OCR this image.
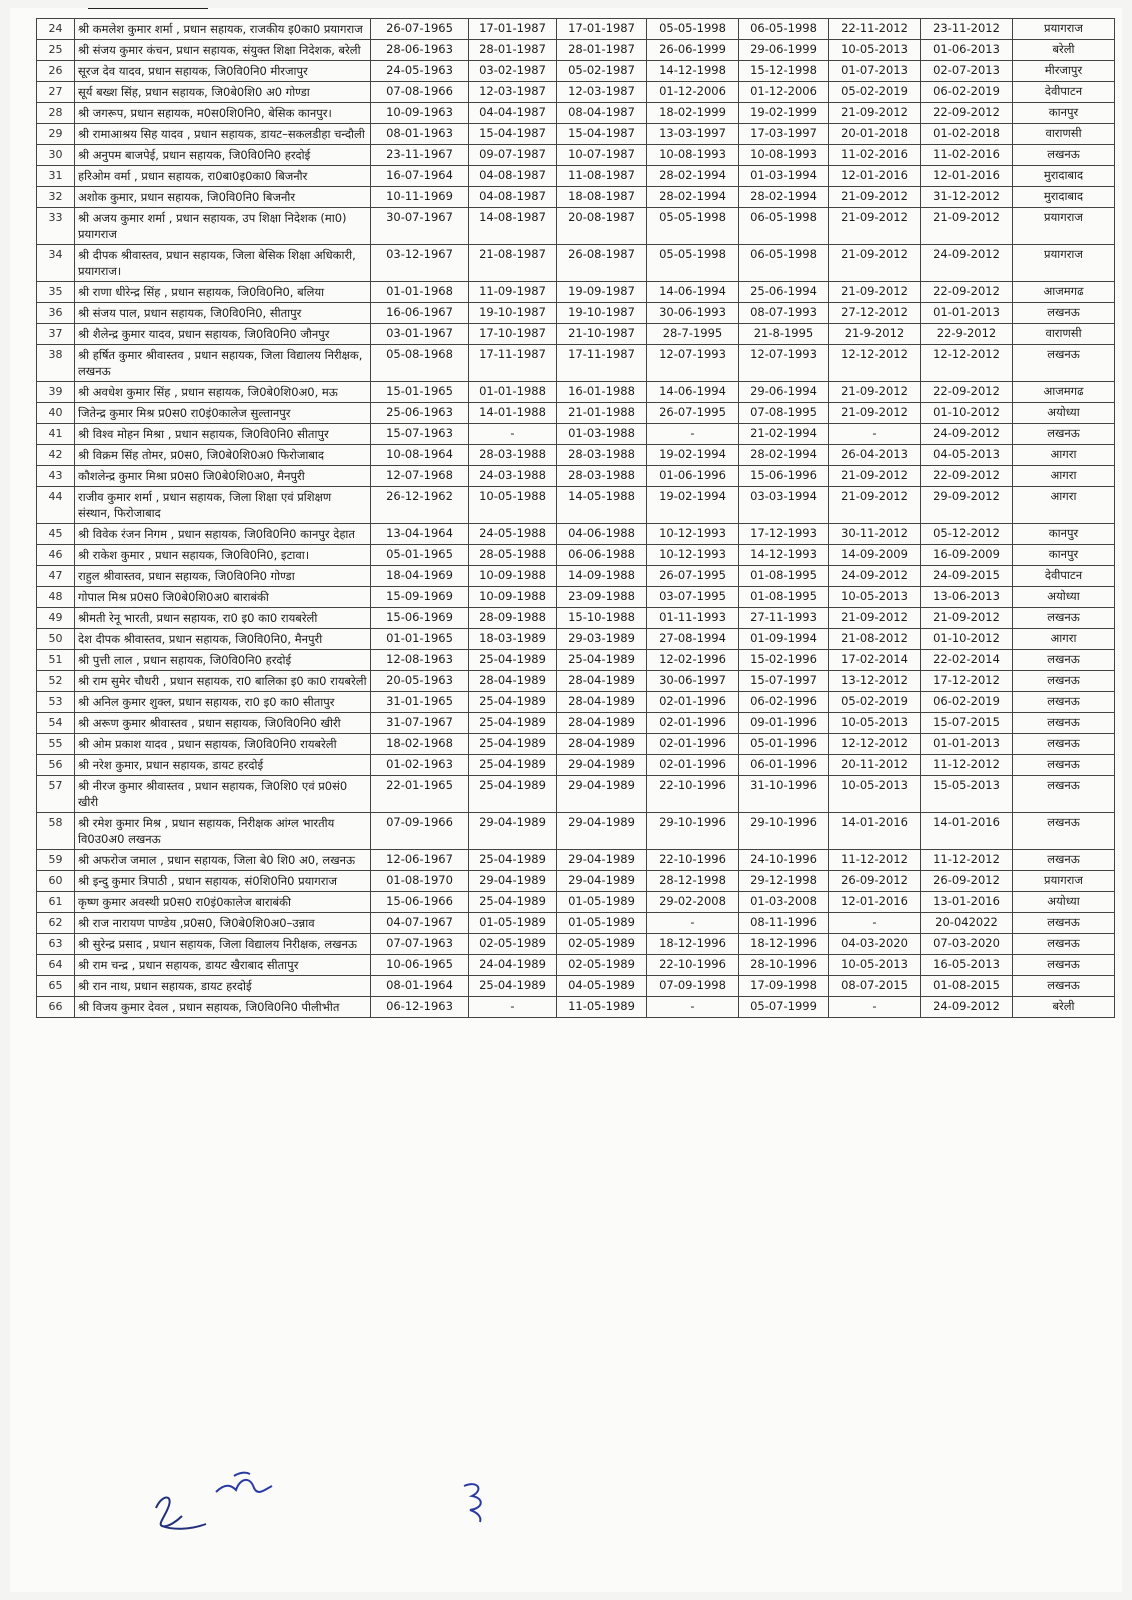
24	श्री कमलेश कुमार शर्मा , प्रधान सहायक, राजकीय इ0का0 प्रयागराज	26-07-1965	17-01-1987	17-01-1987	05-05-1998	06-05-1998	22-11-2012	23-11-2012	प्रयागराज
25	श्री संजय कुमार कंचन, प्रधान सहायक, संयुक्त शिक्षा निदेशक, बरेली	28-06-1963	28-01-1987	28-01-1987	26-06-1999	29-06-1999	10-05-2013	01-06-2013	बरेली
26	सूरज देव यादव, प्रधान सहायक, जि0वि0नि0 मीरजापुर	24-05-1963	03-02-1987	05-02-1987	14-12-1998	15-12-1998	01-07-2013	02-07-2013	मीरजापुर
27	सूर्य बख्श सिंह, प्रधान सहायक, जि0बे0शि0 अ0 गोण्डा	07-08-1966	12-03-1987	12-03-1987	01-12-2006	01-12-2006	05-02-2019	06-02-2019	देवीपाटन
28	श्री जगरूप, प्रधान सहायक, म0स0शि0नि0, बेसिक कानपुर।	10-09-1963	04-04-1987	08-04-1987	18-02-1999	19-02-1999	21-09-2012	22-09-2012	कानपुर
29	श्री रामाआश्रय सिह यादव , प्रधान सहायक, डायट–सकलडीहा चन्दौली	08-01-1963	15-04-1987	15-04-1987	13-03-1997	17-03-1997	20-01-2018	01-02-2018	वाराणसी
30	श्री अनुपम बाजपेई, प्रधान सहायक, जि0वि0नि0 हरदोई	23-11-1967	09-07-1987	10-07-1987	10-08-1993	10-08-1993	11-02-2016	11-02-2016	लखनऊ
31	हरिओम वर्मा , प्रधान सहायक, रा0बा0इ0का0 बिजनौर	16-07-1964	04-08-1987	11-08-1987	28-02-1994	01-03-1994	12-01-2016	12-01-2016	मुरादाबाद
32	अशोक कुमार, प्रधान सहायक, जि0वि0नि0 बिजनौर	10-11-1969	04-08-1987	18-08-1987	28-02-1994	28-02-1994	21-09-2012	31-12-2012	मुरादाबाद
33	श्री अजय कुमार शर्मा , प्रधान सहायक, उप शिक्षा निदेशक (मा0) प्रयागराज	30-07-1967	14-08-1987	20-08-1987	05-05-1998	06-05-1998	21-09-2012	21-09-2012	प्रयागराज
34	श्री दीपक श्रीवास्तव, प्रधान सहायक, जिला बेसिक शिक्षा अधिकारी, प्रयागराज।	03-12-1967	21-08-1987	26-08-1987	05-05-1998	06-05-1998	21-09-2012	24-09-2012	प्रयागराज
35	श्री राणा धीरेन्द्र सिंह , प्रधान सहायक, जि0वि0नि0, बलिया	01-01-1968	11-09-1987	19-09-1987	14-06-1994	25-06-1994	21-09-2012	22-09-2012	आजमगढ
36	श्री संजय पाल, प्रधान सहायक, जि0वि0नि0, सीतापुर	16-06-1967	19-10-1987	19-10-1987	30-06-1993	08-07-1993	27-12-2012	01-01-2013	लखनऊ
37	श्री शैलेन्द्र कुमार यादव, प्रधान सहायक, जि0वि0नि0 जौनपुर	03-01-1967	17-10-1987	21-10-1987	28-7-1995	21-8-1995	21-9-2012	22-9-2012	वाराणसी
38	श्री हर्षित कुमार श्रीवास्तव , प्रधान सहायक, जिला विद्यालय निरीक्षक, लखनऊ	05-08-1968	17-11-1987	17-11-1987	12-07-1993	12-07-1993	12-12-2012	12-12-2012	लखनऊ
39	श्री अवधेश कुमार सिंह , प्रधान सहायक, जि0बे0शि0अ0, मऊ	15-01-1965	01-01-1988	16-01-1988	14-06-1994	29-06-1994	21-09-2012	22-09-2012	आजमगढ
40	जितेन्द्र कुमार मिश्र प्र0स0 रा0इं0कालेज सुल्तानपुर	25-06-1963	14-01-1988	21-01-1988	26-07-1995	07-08-1995	21-09-2012	01-10-2012	अयोध्या
41	श्री विश्व मोहन मिश्रा , प्रधान सहायक, जि0वि0नि0 सीतापुर	15-07-1963	-	01-03-1988	-	21-02-1994	-	24-09-2012	लखनऊ
42	श्री विक्रम सिंह तोमर, प्र0स0, जि0बे0शि0अ0 फिरोजाबाद	10-08-1964	28-03-1988	28-03-1988	19-02-1994	28-02-1994	26-04-2013	04-05-2013	आगरा
43	कौशलेन्द्र कुमार मिश्रा प्र0स0 जि0बे0शि0अ0, मैनपुरी	12-07-1968	24-03-1988	28-03-1988	01-06-1996	15-06-1996	21-09-2012	22-09-2012	आगरा
44	राजीव कुमार शर्मा , प्रधान सहायक, जिला शिक्षा एवं प्रशिक्षण संस्थान, फिरोजाबाद	26-12-1962	10-05-1988	14-05-1988	19-02-1994	03-03-1994	21-09-2012	29-09-2012	आगरा
45	श्री विवेक रंजन निगम , प्रधान सहायक, जि0वि0नि0 कानपुर देहात	13-04-1964	24-05-1988	04-06-1988	10-12-1993	17-12-1993	30-11-2012	05-12-2012	कानपुर
46	श्री राकेश कुमार , प्रधान सहायक, जि0वि0नि0, इटावा।	05-01-1965	28-05-1988	06-06-1988	10-12-1993	14-12-1993	14-09-2009	16-09-2009	कानपुर
47	राहुल श्रीवास्तव, प्रधान सहायक, जि0वि0नि0 गोण्डा	18-04-1969	10-09-1988	14-09-1988	26-07-1995	01-08-1995	24-09-2012	24-09-2015	देवीपाटन
48	गोपाल मिश्र प्र0स0 जि0बे0शि0अ0 बाराबंकी	15-09-1969	10-09-1988	23-09-1988	03-07-1995	01-08-1995	10-05-2013	13-06-2013	अयोध्या
49	श्रीमती रेनू भारती, प्रधान सहायक, रा0 इ0 का0 रायबरेली	15-06-1969	28-09-1988	15-10-1988	01-11-1993	27-11-1993	21-09-2012	21-09-2012	लखनऊ
50	देश दीपक श्रीवास्तव, प्रधान सहायक, जि0वि0नि0, मैनपुरी	01-01-1965	18-03-1989	29-03-1989	27-08-1994	01-09-1994	21-08-2012	01-10-2012	आगरा
51	श्री पुत्ती लाल , प्रधान सहायक, जि0वि0नि0 हरदोई	12-08-1963	25-04-1989	25-04-1989	12-02-1996	15-02-1996	17-02-2014	22-02-2014	लखनऊ
52	श्री राम सुमेर चौधरी , प्रधान सहायक, रा0 बालिका इ0 का0 रायबरेली	20-05-1963	28-04-1989	28-04-1989	30-06-1997	15-07-1997	13-12-2012	17-12-2012	लखनऊ
53	श्री अनिल कुमार शुक्ल, प्रधान सहायक, रा0 इ0 का0 सीतापुर	31-01-1965	25-04-1989	28-04-1989	02-01-1996	06-02-1996	05-02-2019	06-02-2019	लखनऊ
54	श्री अरूण कुमार श्रीवास्तव , प्रधान सहायक, जि0वि0नि0 खीरी	31-07-1967	25-04-1989	28-04-1989	02-01-1996	09-01-1996	10-05-2013	15-07-2015	लखनऊ
55	श्री ओम प्रकाश यादव , प्रधान सहायक, जि0वि0नि0 रायबरेली	18-02-1968	25-04-1989	28-04-1989	02-01-1996	05-01-1996	12-12-2012	01-01-2013	लखनऊ
56	श्री नरेश कुमार, प्रधान सहायक, डायट हरदोई	01-02-1963	25-04-1989	29-04-1989	02-01-1996	06-01-1996	20-11-2012	11-12-2012	लखनऊ
57	श्री नीरज कुमार श्रीवास्तव , प्रधान सहायक, जि0शि0 एवं प्र0सं0 खीरी	22-01-1965	25-04-1989	29-04-1989	22-10-1996	31-10-1996	10-05-2013	15-05-2013	लखनऊ
58	श्री रमेश कुमार मिश्र , प्रधान सहायक, निरीक्षक आंग्ल भारतीय वि0उ0अ0 लखनऊ	07-09-1966	29-04-1989	29-04-1989	29-10-1996	29-10-1996	14-01-2016	14-01-2016	लखनऊ
59	श्री अफरोज जमाल , प्रधान सहायक, जिला बे0 शि0 अ0, लखनऊ	12-06-1967	25-04-1989	29-04-1989	22-10-1996	24-10-1996	11-12-2012	11-12-2012	लखनऊ
60	श्री इन्दु कुमार त्रिपाठी , प्रधान सहायक, सं0शि0नि0 प्रयागराज	01-08-1970	29-04-1989	29-04-1989	28-12-1998	29-12-1998	26-09-2012	26-09-2012	प्रयागराज
61	कृष्ण कुमार अवस्थी प्र0स0 रा0इं0कालेज बाराबंकी	15-06-1966	25-04-1989	01-05-1989	29-02-2008	01-03-2008	12-01-2016	13-01-2016	अयोध्या
62	श्री राज नारायण पाण्डेय ,प्र0स0, जि0बे0शि0अ0–उन्नाव	04-07-1967	01-05-1989	01-05-1989	-	08-11-1996	-	20-042022	लखनऊ
63	श्री सुरेन्द्र प्रसाद , प्रधान सहायक, जिला विद्यालय निरीक्षक, लखनऊ	07-07-1963	02-05-1989	02-05-1989	18-12-1996	18-12-1996	04-03-2020	07-03-2020	लखनऊ
64	श्री राम चन्द्र , प्रधान सहायक, डायट खैराबाद सीतापुर	10-06-1965	24-04-1989	02-05-1989	22-10-1996	28-10-1996	10-05-2013	16-05-2013	लखनऊ
65	श्री रान नाथ, प्रधान सहायक, डायट हरदोई	08-01-1964	25-04-1989	04-05-1989	07-09-1998	17-09-1998	08-07-2015	01-08-2015	लखनऊ
66	श्री विजय कुमार देवल , प्रधान सहायक, जि0वि0नि0 पीलीभीत	06-12-1963	-	11-05-1989	-	05-07-1999	-	24-09-2012	बरेली
